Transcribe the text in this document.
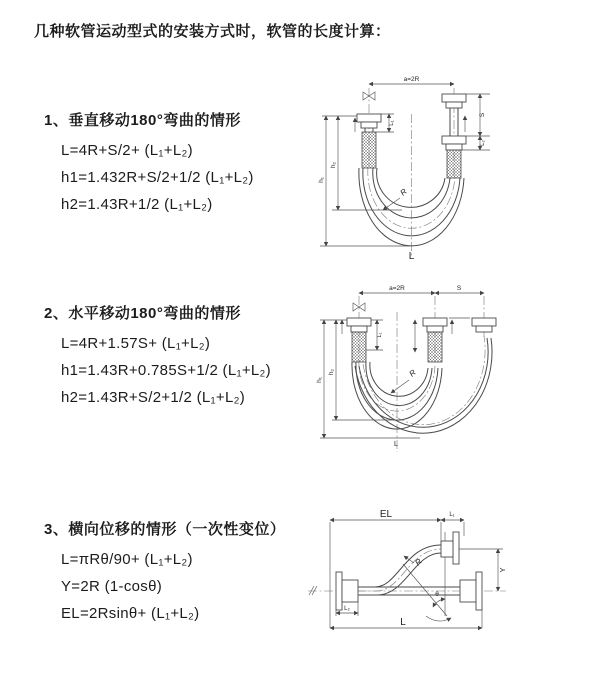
几种软管运动型式的安装方式时，软管的长度计算：
1、垂直移动180°弯曲的情形
L=4R+S/2+ (L₁+L₂)
h1=1.432R+S/2+1/2 (L₁+L₂)
h2=1.43R+1/2 (L₁+L₂)
2、水平移动180°弯曲的情形
L=4R+1.57S+ (L₁+L₂)
h1=1.43R+0.785S+1/2 (L₁+L₂)
h2=1.43R+S/2+1/2 (L₁+L₂)
3、横向位移的情形（一次性变位）
L=πRθ/90+ (L₁+L₂)
Y=2R (1-cosθ)
EL=2Rsinθ+ (L₁+L₂)
a=2R
S
L₂
L₁
h₁
h₂
R
L
a=2R	S
L₁
h₁
h₂	R
L
EL	L₁
Y
θ
R
L₂
L
